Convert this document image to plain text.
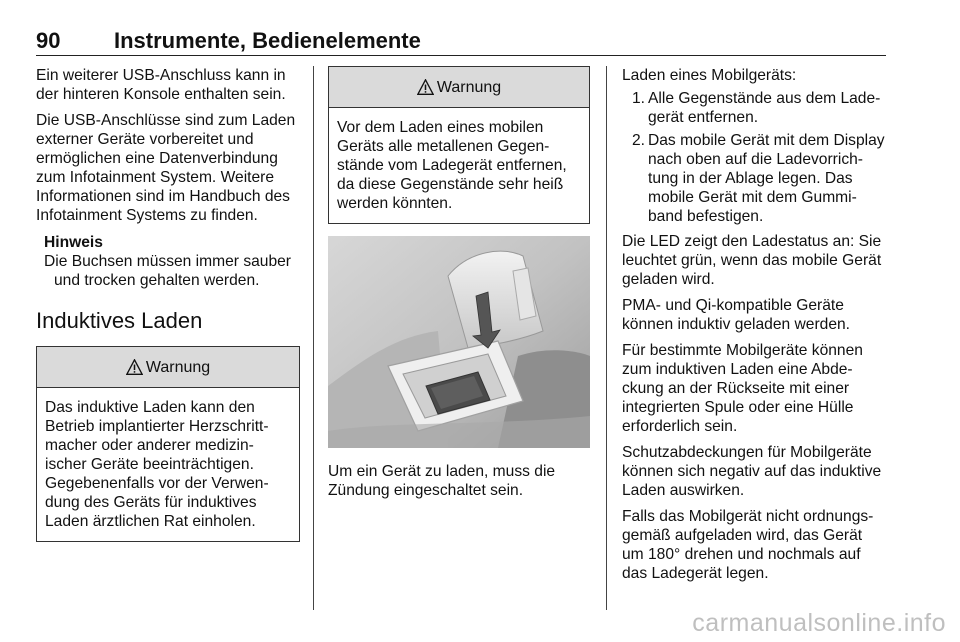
90 Instrumente, Bedienelemente

Ein weiterer USB-Anschluss kann in
der hinteren Konsole enthalten sein.

Die USB-Anschlüsse sind zum Laden
externer Geräte vorbereitet und
ermöglichen eine Datenverbindung
zum Infotainment System. Weitere
Informationen sind im Handbuch des
Infotainment Systems zu finden.

Hinweis
Die Buchsen müssen immer sauber
und trocken gehalten werden.
Induktives Laden
Warnung
Das induktive Laden kann den
Betrieb implantierter Herzschritt-
macher oder anderer medizin-
ischer Geräte beeinträchtigen.
Gegebenenfalls vor der Verwen-
dung des Geräts für induktives
Laden ärztlichen Rat einholen.
Warnung
Vor dem Laden eines mobilen
Geräts alle metallenen Gegen-
stände vom Ladegerät entfernen,
da diese Gegenstände sehr heiß
werden könnten.

Um ein Gerät zu laden, muss die
Zündung eingeschaltet sein.

Laden eines Mobilgeräts:
1. Alle Gegenstände aus dem Lade-
gerät entfernen.
2. Das mobile Gerät mit dem Display
nach oben auf die Ladevorrich-
tung in der Ablage legen. Das
mobile Gerät mit dem Gummi-
band befestigen.

Die LED zeigt den Ladestatus an: Sie
leuchtet grün, wenn das mobile Gerät
geladen wird.

PMA- und Qi-kompatible Geräte
können induktiv geladen werden.

Für bestimmte Mobilgeräte können
zum induktiven Laden eine Abde-
ckung an der Rückseite mit einer
integrierten Spule oder eine Hülle
erforderlich sein.

Schutzabdeckungen für Mobilgeräte
können sich negativ auf das induktive
Laden auswirken.

Falls das Mobilgerät nicht ordnungs-
gemäß aufgeladen wird, das Gerät
um 180° drehen und nochmals auf
das Ladegerät legen.

carmanualsonline.info
